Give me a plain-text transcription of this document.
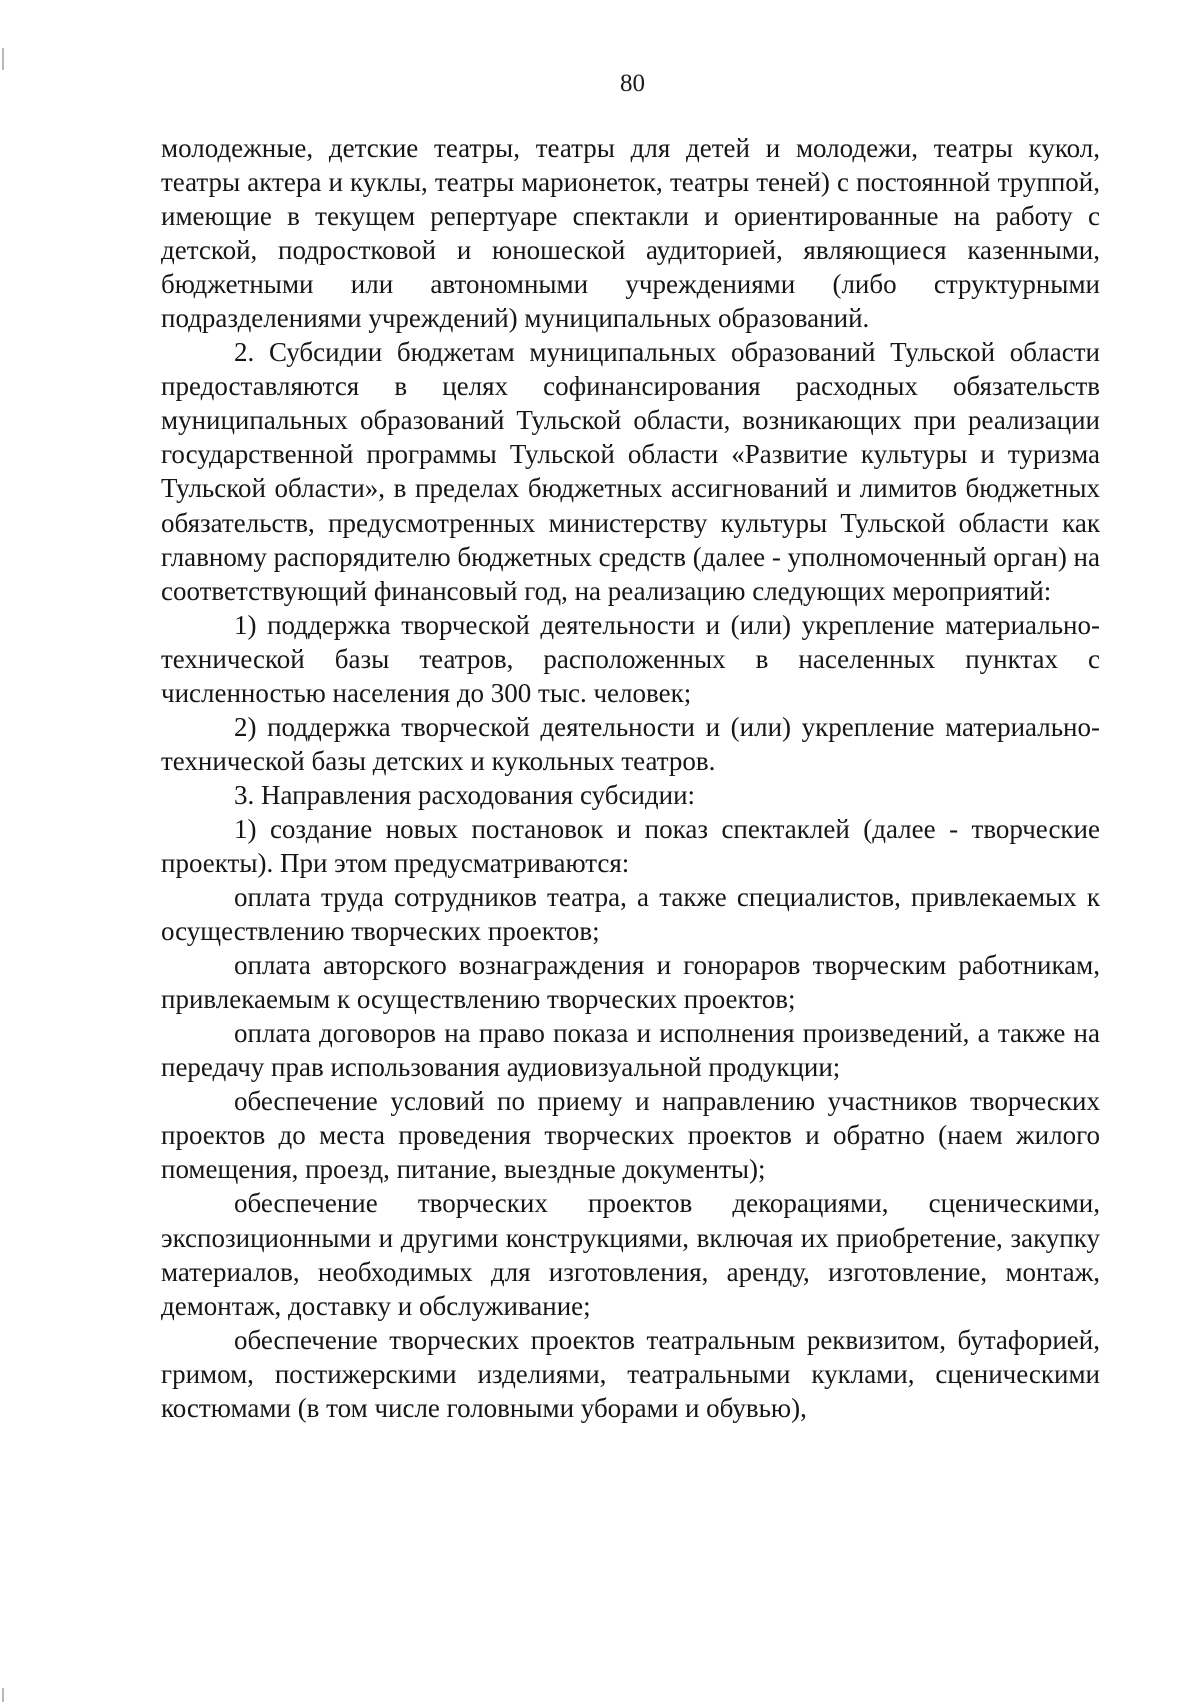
80

молодежные, детские театры, театры для детей и молодежи, театры кукол, театры актера и куклы, театры марионеток, театры теней) с постоянной труппой, имеющие в текущем репертуаре спектакли и ориентированные на работу с детской, подростковой и юношеской аудиторией, являющиеся казенными, бюджетными или автономными учреждениями (либо структурными подразделениями учреждений) муниципальных образований.

2. Субсидии бюджетам муниципальных образований Тульской области предоставляются в целях софинансирования расходных обязательств муниципальных образований Тульской области, возникающих при реализации государственной программы Тульской области «Развитие культуры и туризма Тульской области», в пределах бюджетных ассигнований и лимитов бюджетных обязательств, предусмотренных министерству культуры Тульской области как главному распорядителю бюджетных средств (далее - уполномоченный орган) на соответствующий финансовый год, на реализацию следующих мероприятий:

1) поддержка творческой деятельности и (или) укрепление материально-технической базы театров, расположенных в населенных пунктах с численностью населения до 300 тыс. человек;

2) поддержка творческой деятельности и (или) укрепление материально-технической базы детских и кукольных театров.

3. Направления расходования субсидии:

1) создание новых постановок и показ спектаклей (далее - творческие проекты). При этом предусматриваются:

оплата труда сотрудников театра, а также специалистов, привлекаемых к осуществлению творческих проектов;

оплата авторского вознаграждения и гонораров творческим работникам, привлекаемым к осуществлению творческих проектов;

оплата договоров на право показа и исполнения произведений, а также на передачу прав использования аудиовизуальной продукции;

обеспечение условий по приему и направлению участников творческих проектов до места проведения творческих проектов и обратно (наем жилого помещения, проезд, питание, выездные документы);

обеспечение творческих проектов декорациями, сценическими, экспозиционными и другими конструкциями, включая их приобретение, закупку материалов, необходимых для изготовления, аренду, изготовление, монтаж, демонтаж, доставку и обслуживание;

обеспечение творческих проектов театральным реквизитом, бутафорией, гримом, постижерскими изделиями, театральными куклами, сценическими костюмами (в том числе головными уборами и обувью),
